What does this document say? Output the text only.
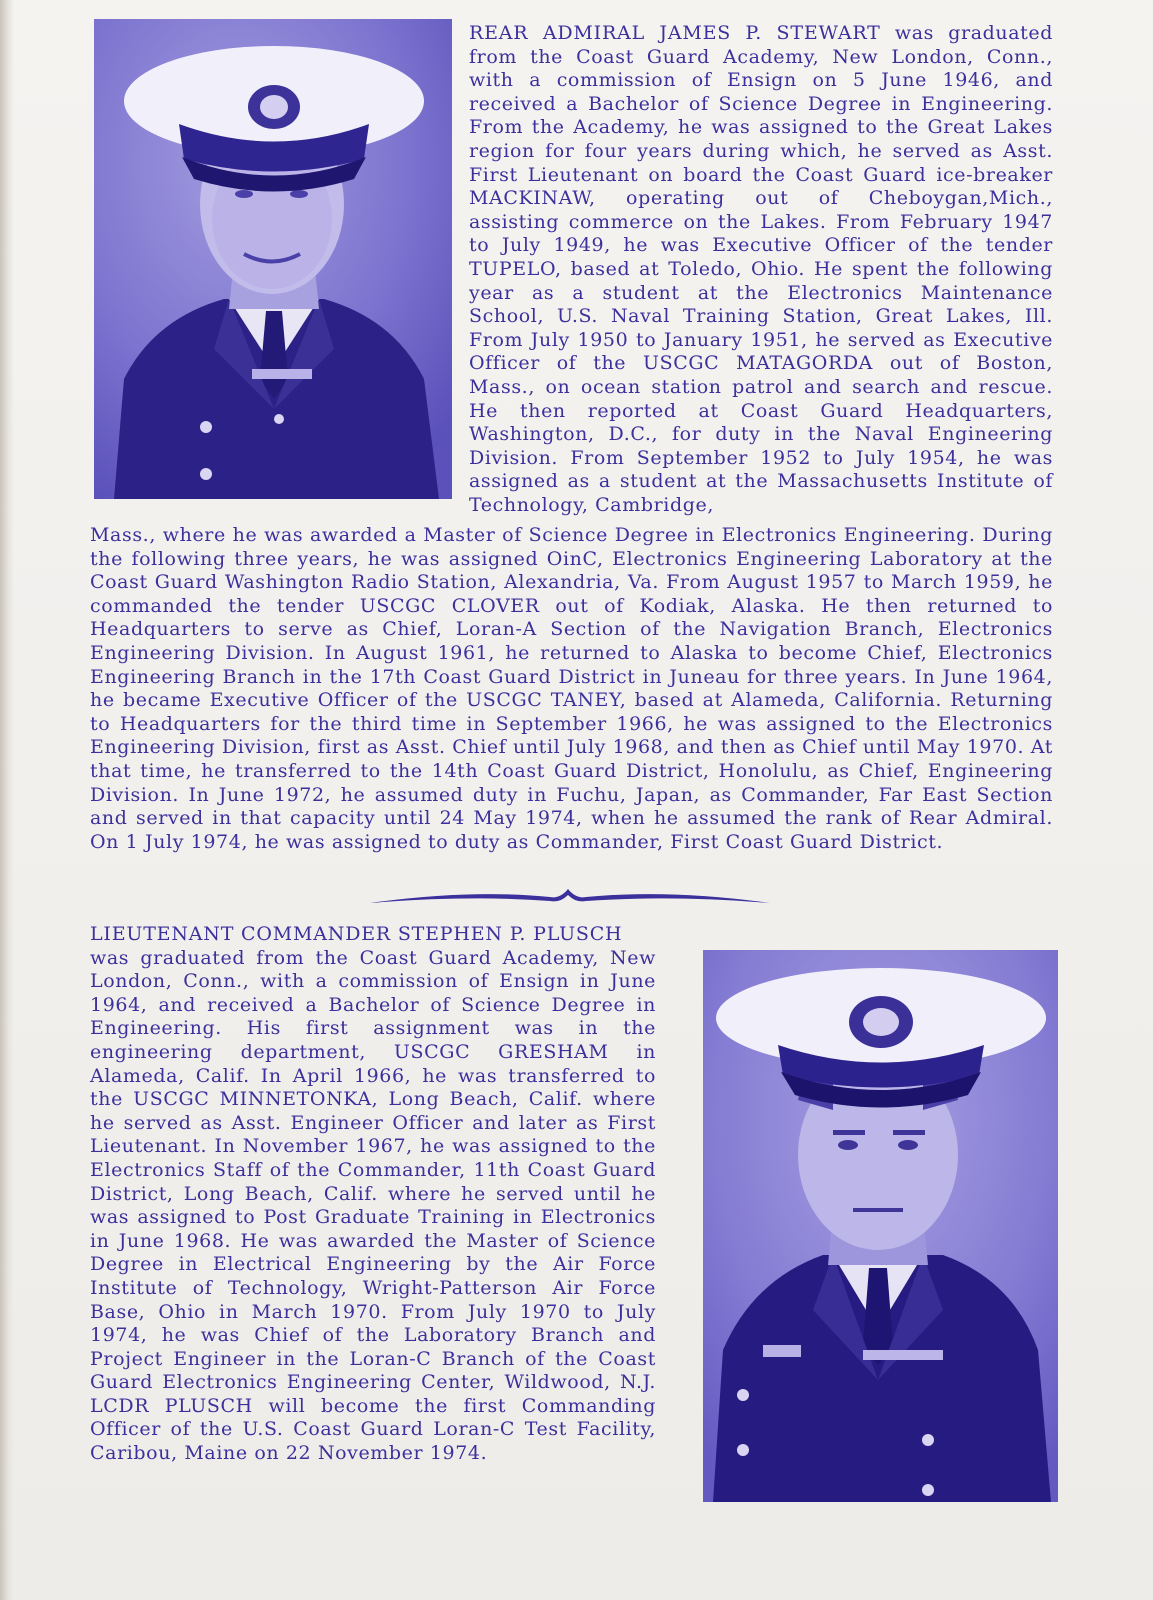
REAR ADMIRAL JAMES P. STEWART was graduated from the Coast Guard Academy, New London, Conn., with a commission of Ensign on 5 June 1946, and received a Bachelor of Science Degree in Engineering. From the Academy, he was assigned to the Great Lakes region for four years during which, he served as Asst. First Lieutenant on board the Coast Guard ice-breaker MACKINAW, operating out of Cheboygan,Mich., assisting commerce on the Lakes. From February 1947 to July 1949, he was Executive Officer of the tender TUPELO, based at Toledo, Ohio. He spent the following year as a student at the Electronics Maintenance School, U.S. Naval Training Station, Great Lakes, Ill. From July 1950 to January 1951, he served as Executive Officer of the USCGC MATAGORDA out of Boston, Mass., on ocean station patrol and search and rescue. He then reported at Coast Guard Headquarters, Washington, D.C., for duty in the Naval Engineering Division. From September 1952 to July 1954, he was assigned as a student at the Massachusetts Institute of Technology, Cambridge,
Mass., where he was awarded a Master of Science Degree in Electronics Engineering. During the following three years, he was assigned OinC, Electronics Engineering Laboratory at the Coast Guard Washington Radio Station, Alexandria, Va. From August 1957 to March 1959, he commanded the tender USCGC CLOVER out of Kodiak, Alaska. He then returned to Headquarters to serve as Chief, Loran-A Section of the Navigation Branch, Electronics Engineering Division. In August 1961, he returned to Alaska to become Chief, Electronics Engineering Branch in the 17th Coast Guard District in Juneau for three years. In June 1964, he became Executive Officer of the USCGC TANEY, based at Alameda, California. Returning to Headquarters for the third time in September 1966, he was assigned to the Electronics Engineering Division, first as Asst. Chief until July 1968, and then as Chief until May 1970. At that time, he transferred to the 14th Coast Guard District, Honolulu, as Chief, Engineering Division. In June 1972, he assumed duty in Fuchu, Japan, as Commander, Far East Section and served in that capacity until 24 May 1974, when he assumed the rank of Rear Admiral. On 1 July 1974, he was assigned to duty as Commander, First Coast Guard District.
LIEUTENANT COMMANDER STEPHEN P. PLUSCH
was graduated from the Coast Guard Academy, New London, Conn., with a commission of Ensign in June 1964, and received a Bachelor of Science Degree in Engineering. His first assignment was in the engineering department, USCGC GRESHAM in Alameda, Calif. In April 1966, he was transferred to the USCGC MINNETONKA, Long Beach, Calif. where he served as Asst. Engineer Officer and later as First Lieutenant. In November 1967, he was assigned to the Electronics Staff of the Commander, 11th Coast Guard District, Long Beach, Calif. where he served until he was assigned to Post Graduate Training in Electronics in June 1968. He was awarded the Master of Science Degree in Electrical Engineering by the Air Force Institute of Technology, Wright-Patterson Air Force Base, Ohio in March 1970. From July 1970 to July 1974, he was Chief of the Laboratory Branch and Project Engineer in the Loran-C Branch of the Coast Guard Electronics Engineering Center, Wildwood, N.J. LCDR PLUSCH will become the first Commanding Officer of the U.S. Coast Guard Loran-C Test Facility, Caribou, Maine on 22 November 1974.
